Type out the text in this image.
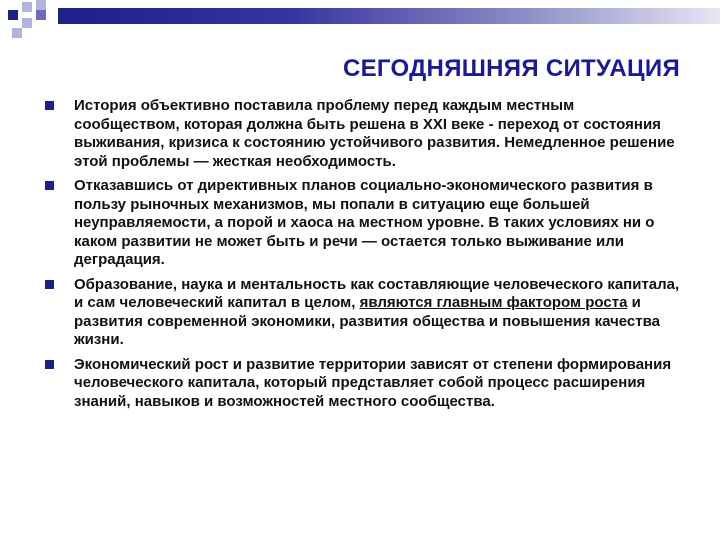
СЕГОДНЯШНЯЯ СИТУАЦИЯ
История объективно поставила проблему перед каждым местным сообществом, которая должна быть решена в XXI веке - переход от состояния выживания, кризиса к состоянию устойчивого развития. Немедленное решение этой проблемы — жесткая необходимость.
Отказавшись от директивных планов социально-экономического развития в пользу рыночных механизмов, мы попали в ситуацию еще большей неуправляемости, а порой и хаоса на местном уровне. В таких условиях ни о каком развитии не может быть и речи — остается только выживание или деградация.
Образование, наука и ментальность как составляющие человеческого капитала, и сам человеческий капитал в целом, являются главным фактором роста и развития современной экономики, развития общества и повышения качества жизни.
Экономический рост и развитие территории зависят от степени формирования человеческого капитала, который представляет собой процесс расширения знаний, навыков и возможностей местного сообщества.
